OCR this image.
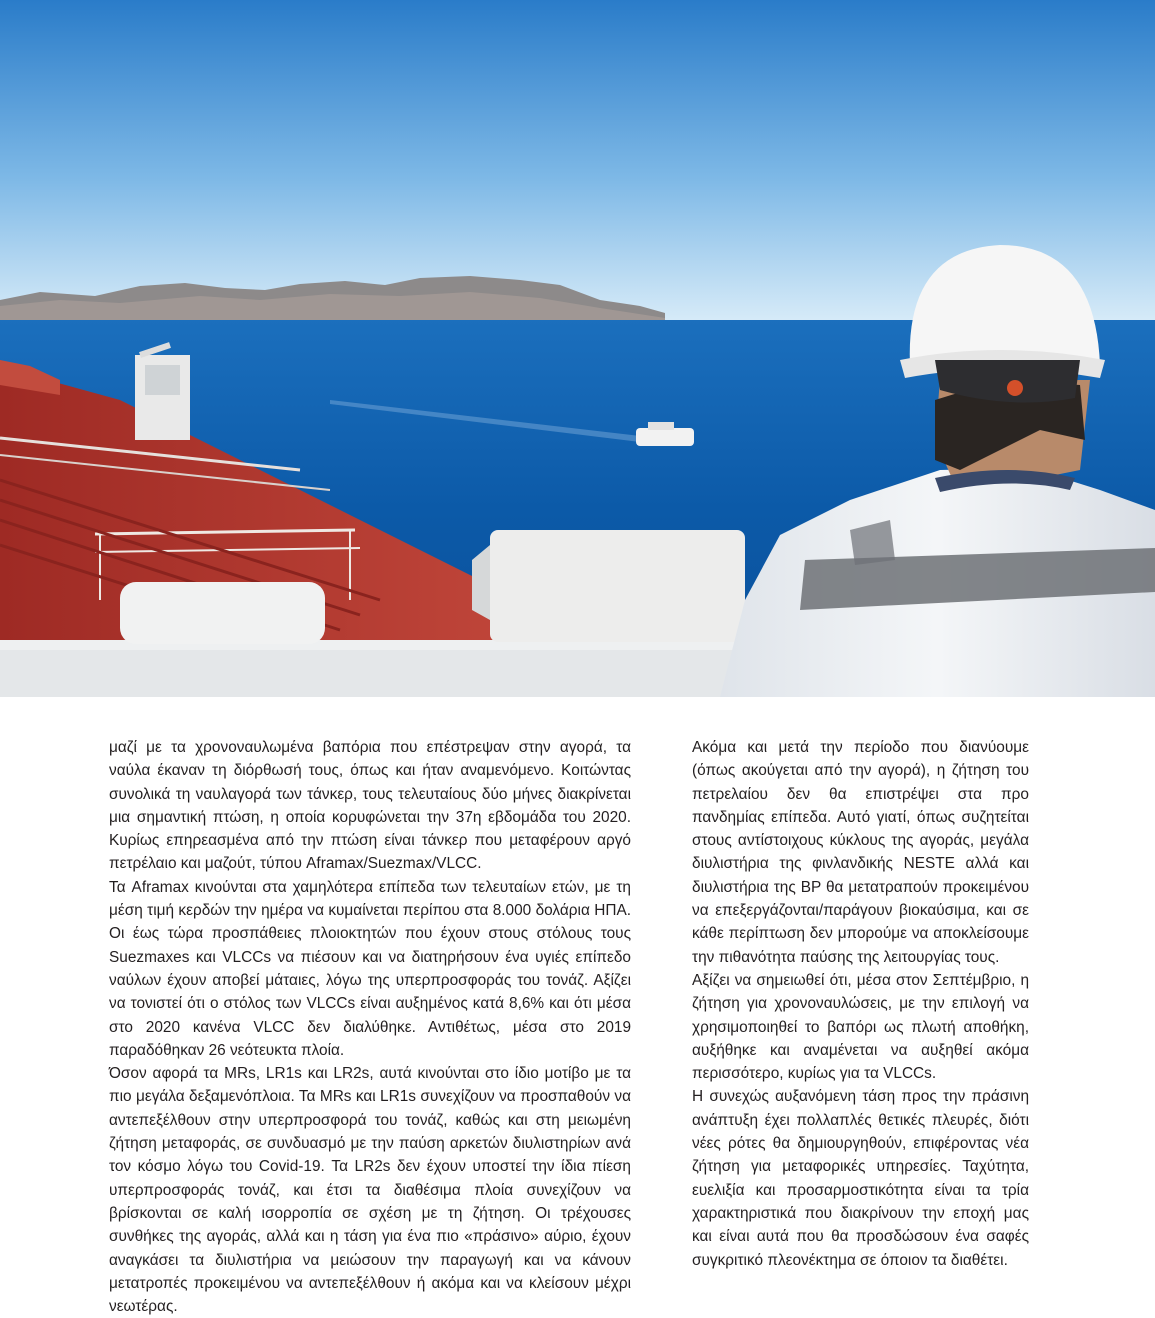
μαζί με τα χρονοναυλωμένα βαπόρια που επέστρεψαν στην αγορά, τα ναύλα έκαναν τη διόρθωσή τους, όπως και ήταν αναμενόμενο. Κοιτώντας συνολικά τη ναυλαγορά των τάνκερ, τους τελευταίους δύο μήνες διακρίνεται μια σημαντική πτώση, η οποία κορυφώνεται την 37η εβδομάδα του 2020. Κυρίως επηρεασμένα από την πτώση είναι τάνκερ που μεταφέρουν αργό πετρέλαιο και μαζούτ, τύπου Aframax/Suezmax/VLCC.

Τα Aframax κινούνται στα χαμηλότερα επίπεδα των τελευταίων ετών, με τη μέση τιμή κερδών την ημέρα να κυμαίνεται περίπου στα 8.000 δολάρια ΗΠΑ. Οι έως τώρα προσπάθειες πλοιοκτητών που έχουν στους στόλους τους Suezmaxes και VLCCs να πιέσουν και να διατηρήσουν ένα υγιές επίπεδο ναύλων έχουν αποβεί μάταιες, λόγω της υπερπροσφοράς του τονάζ. Αξίζει να τονιστεί ότι ο στόλος των VLCCs είναι αυξημένος κατά 8,6% και ότι μέσα στο 2020 κανένα VLCC δεν διαλύθηκε. Αντιθέτως, μέσα στο 2019 παραδόθηκαν 26 νεότευκτα πλοία.

Όσον αφορά τα MRs, LR1s και LR2s, αυτά κινούνται στο ίδιο μοτίβο με τα πιο μεγάλα δεξαμενόπλοια. Τα MRs και LR1s συνεχίζουν να προσπαθούν να αντεπεξέλθουν στην υπερπροσφορά του τονάζ, καθώς και στη μειωμένη ζήτηση μεταφοράς, σε συνδυασμό με την παύση αρκετών διυλιστηρίων ανά τον κόσμο λόγω του Covid-19. Τα LR2s δεν έχουν υποστεί την ίδια πίεση υπερπροσφοράς τονάζ, και έτσι τα διαθέσιμα πλοία συνεχίζουν να βρίσκονται σε καλή ισορροπία σε σχέση με τη ζήτηση. Οι τρέχουσες συνθήκες της αγοράς, αλλά και η τάση για ένα πιο «πράσινο» αύριο, έχουν αναγκάσει τα διυλιστήρια να μειώσουν την παραγωγή και να κάνουν μετατροπές προκειμένου να αντεπεξέλθουν ή ακόμα και να κλείσουν μέχρι νεωτέρας.

Ακόμα και μετά την περίοδο που διανύουμε (όπως ακούγεται από την αγορά), η ζήτηση του πετρελαίου δεν θα επιστρέψει στα προ πανδημίας επίπεδα. Αυτό γιατί, όπως συζητείται στους αντίστοιχους κύκλους της αγοράς, μεγάλα διυλιστήρια της φινλανδικής NESTE αλλά και διυλιστήρια της BP θα μετατραπούν προκειμένου να επεξεργάζονται/παράγουν βιοκαύσιμα, και σε κάθε περίπτωση δεν μπορούμε να αποκλείσουμε την πιθανότητα παύσης της λειτουργίας τους.

Αξίζει να σημειωθεί ότι, μέσα στον Σεπτέμβριο, η ζήτηση για χρονοναυλώσεις, με την επιλογή να χρησιμοποιηθεί το βαπόρι ως πλωτή αποθήκη, αυξήθηκε και αναμένεται να αυξηθεί ακόμα περισσότερο, κυρίως για τα VLCCs.

Η συνεχώς αυξανόμενη τάση προς την πράσινη ανάπτυξη έχει πολλαπλές θετικές πλευρές, διότι νέες ρότες θα δημιουργηθούν, επιφέροντας νέα ζήτηση για μεταφορικές υπηρεσίες. Ταχύτητα, ευελιξία και προσαρμοστικότητα είναι τα τρία χαρακτηριστικά που διακρίνουν την εποχή μας και είναι αυτά που θα προσδώσουν ένα σαφές συγκριτικό πλεονέκτημα σε όποιον τα διαθέτει.
